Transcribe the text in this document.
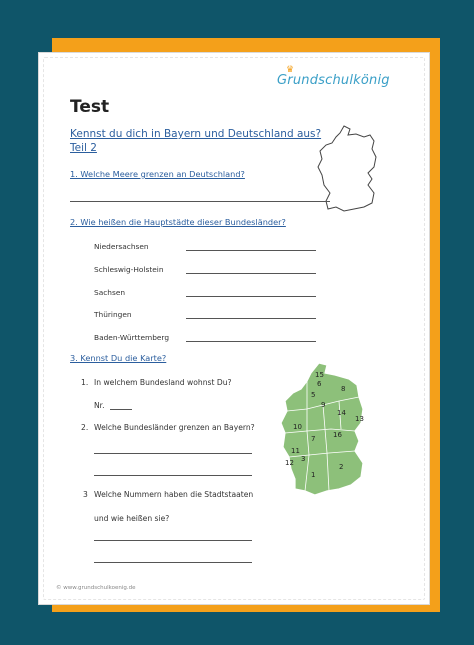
♛
Grundschulkönig
Test
Kennst du dich in Bayern und Deutschland aus?
Teil 2
1. Welche Meere grenzen an Deutschland?
2. Wie heißen die Hauptstädte dieser Bundesländer?
Niedersachsen
Schleswig-Holstein
Sachsen
Thüringen
Baden-Württemberg
3. Kennst Du die Karte?
1. In welchem Bundesland wohnst Du?
Nr.
2. Welche Bundesländer grenzen an Bayern?
3 Welche Nummern haben die Stadtstaaten
und wie heißen sie?
15
6
8
9
5
14
13
10
7	16
11
12 3
2
1
© www.grundschulkoenig.de
